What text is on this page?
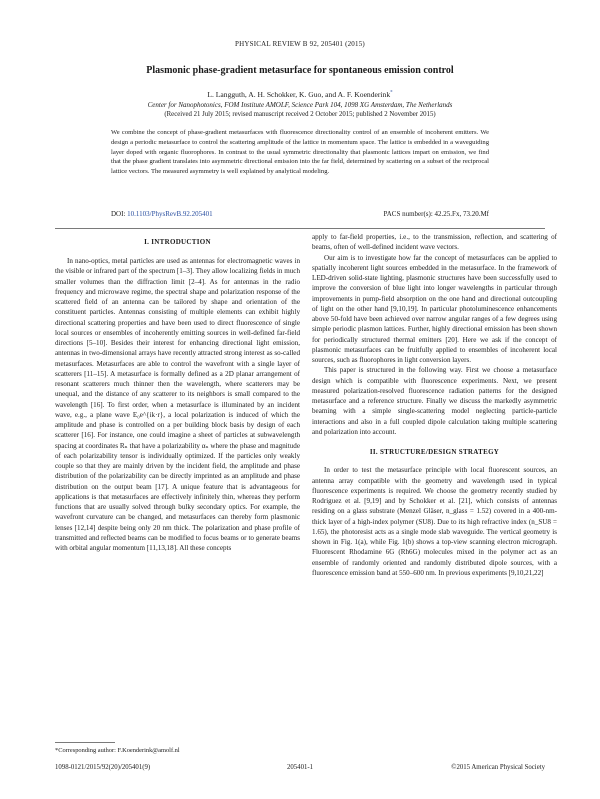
PHYSICAL REVIEW B 92, 205401 (2015)
Plasmonic phase-gradient metasurface for spontaneous emission control
L. Langguth, A. H. Schokker, K. Guo, and A. F. Koenderink*
Center for Nanophotonics, FOM Institute AMOLF, Science Park 104, 1098 XG Amsterdam, The Netherlands
(Received 21 July 2015; revised manuscript received 2 October 2015; published 2 November 2015)
We combine the concept of phase-gradient metasurfaces with fluorescence directionality control of an ensemble of incoherent emitters. We design a periodic metasurface to control the scattering amplitude of the lattice in momentum space. The lattice is embedded in a waveguiding layer doped with organic fluorophores. In contrast to the usual symmetric directionality that plasmonic lattices impart on emission, we find that the phase gradient translates into asymmetric directional emission into the far field, determined by scattering on a subset of the reciprocal lattice vectors. The measured asymmetry is well explained by analytical modeling.
DOI: 10.1103/PhysRevB.92.205401	PACS number(s): 42.25.Fx, 73.20.Mf
I. INTRODUCTION

In nano-optics, metal particles are used as antennas for electromagnetic waves in the visible or infrared part of the spectrum [1–3]. They allow localizing fields in much smaller volumes than the diffraction limit [2–4]. As for antennas in the radio frequency and microwave regime, the spectral shape and polarization response of the scattered field of an antenna can be tailored by shape and orientation of the constituent particles. Antennas consisting of multiple elements can exhibit highly directional scattering properties and have been used to direct fluorescence of single local sources or ensembles of incoherently emitting sources in well-defined far-field directions [5–10]. Besides their interest for enhancing directional light emission, antennas in two-dimensional arrays have recently attracted strong interest as so-called metasurfaces. Metasurfaces are able to control the wavefront with a single layer of scatterers [11–15]. A metasurface is formally defined as a 2D planar arrangement of resonant scatterers much thinner then the wavelength, where scatterers may be unequal, and the distance of any scatterer to its neighbors is small compared to the wavelength [16]. To first order, when a metasurface is illuminated by an incident wave, e.g., a plane wave E₀e^{ik·r}, a local polarization is induced of which the amplitude and phase is controlled on a per building block basis by design of each scatterer [16]. For instance, one could imagine a sheet of particles at subwavelength spacing at coordinates Rₙ that have a polarizability αₙ where the phase and magnitude of each polarizability tensor is individually optimized. If the particles only weakly couple so that they are mainly driven by the incident field, the amplitude and phase distribution of the polarizability can be directly imprinted as an amplitude and phase distribution on the output beam [17]. A unique feature that is advantageous for applications is that metasurfaces are effectively infinitely thin, whereas they perform functions that are usually solved through bulky secondary optics. For example, the wavefront curvature can be changed, and metasurfaces can thereby form plasmonic lenses [12,14] despite being only 20 nm thick. The polarization and phase profile of transmitted and reflected beams can be modified to focus beams or to generate beams with orbital angular momentum [11,13,18]. All these concepts

apply to far-field properties, i.e., to the transmission, reflection, and scattering of beams, often of well-defined incident wave vectors.

Our aim is to investigate how far the concept of metasurfaces can be applied to spatially incoherent light sources embedded in the metasurface. In the framework of LED-driven solid-state lighting, plasmonic structures have been successfully used to improve the conversion of blue light into longer wavelengths in particular through improvements in pump-field absorption on the one hand and directional outcoupling of light on the other hand [9,10,19]. In particular photoluminescence enhancements above 50-fold have been achieved over narrow angular ranges of a few degrees using simple periodic plasmon lattices. Further, highly directional emission has been shown for periodically structured thermal emitters [20]. Here we ask if the concept of plasmonic metasurfaces can be fruitfully applied to ensembles of incoherent local sources, such as fluorophores in light conversion layers.

This paper is structured in the following way. First we choose a metasurface design which is compatible with fluorescence experiments. Next, we present measured polarization-resolved fluorescence radiation patterns for the designed metasurface and a reference structure. Finally we discuss the markedly asymmetric beaming with a simple single-scattering model neglecting particle-particle interactions and also in a full coupled dipole calculation taking multiple scattering and polarization into account.

II. STRUCTURE/DESIGN STRATEGY

In order to test the metasurface principle with local fluorescent sources, an antenna array compatible with the geometry and wavelength used in typical fluorescence experiments is required. We choose the geometry recently studied by Rodriguez et al. [9,19] and by Schokker et al. [21], which consists of antennas residing on a glass substrate (Menzel Gläser, n_glass = 1.52) covered in a 400-nm-thick layer of a high-index polymer (SU8). Due to its high refractive index (n_SU8 = 1.65), the photoresist acts as a single mode slab waveguide. The vertical geometry is shown in Fig. 1(a), while Fig. 1(b) shows a top-view scanning electron micrograph. Fluorescent Rhodamine 6G (Rh6G) molecules mixed in the polymer act as an ensemble of randomly oriented and randomly distributed dipole sources, with a fluorescence emission band at 550–600 nm. In previous experiments [9,10,21,22]

*Corresponding author: F.Koenderink@amolf.nl
1098-0121/2015/92(20)/205401(9)	205401-1	©2015 American Physical Society
